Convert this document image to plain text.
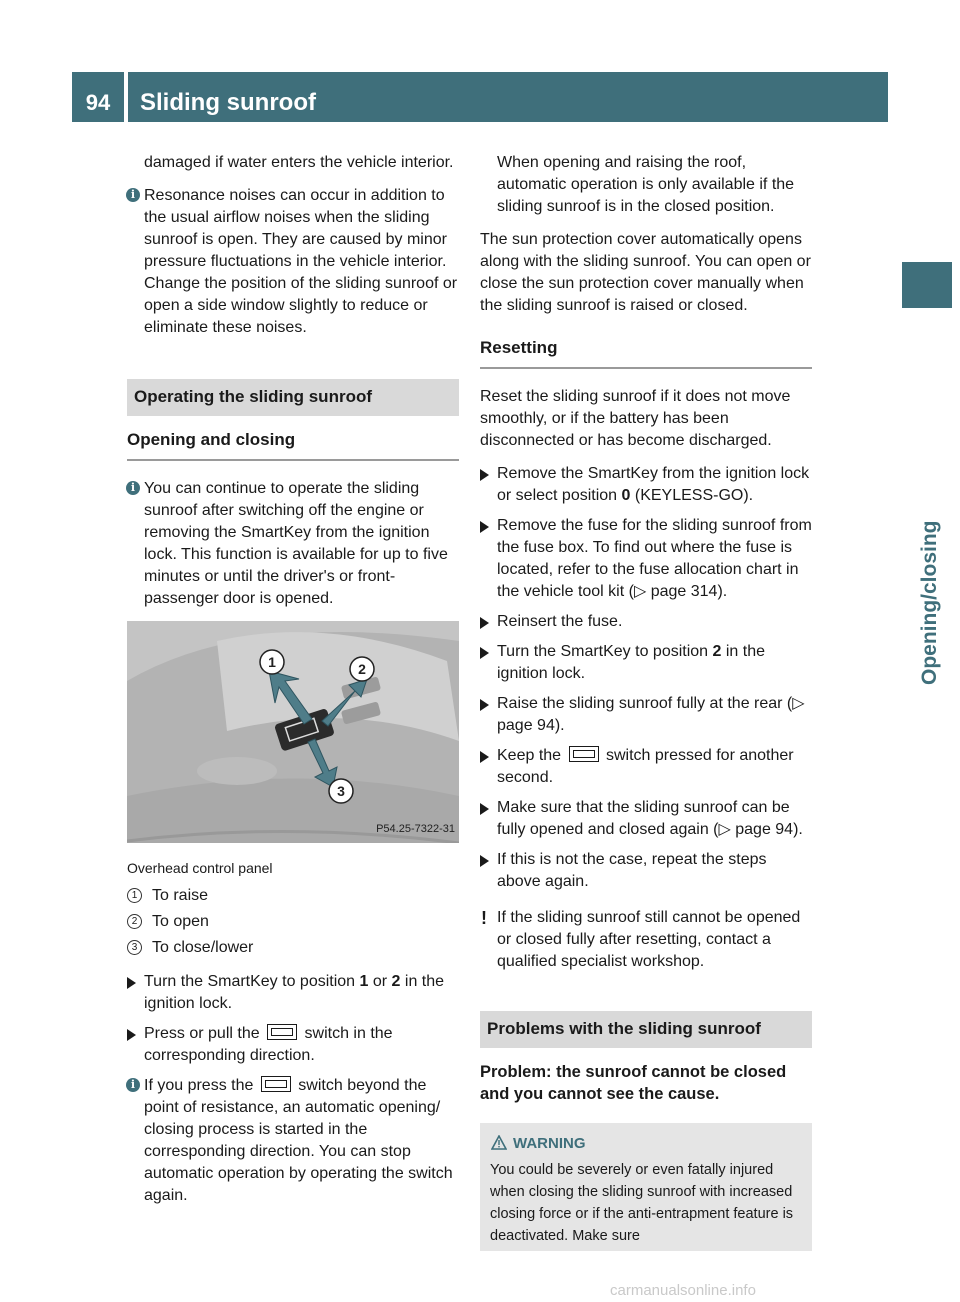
94	Sliding sunroof
Opening/closing

damaged if water enters the vehicle interior.

i Resonance noises can occur in addition to the usual airflow noises when the sliding sunroof is open. They are caused by minor pressure fluctuations in the vehicle interior. Change the position of the sliding sunroof or open a side window slightly to reduce or eliminate these noises.

Operating the sliding sunroof
Opening and closing

i You can continue to operate the sliding sunroof after switching off the engine or removing the SmartKey from the ignition lock. This function is available for up to five minutes or until the driver's or front-passenger door is opened.

1	2
3
P54.25-7322-31
Overhead control panel
1 To raise
2 To open
3 To close/lower
Turn the SmartKey to position 1 or 2 in the ignition lock.
Press or pull the	switch in the corresponding direction.

i If you press the	switch beyond the point of resistance, an automatic opening/ closing process is started in the corresponding direction. You can stop automatic operation by operating the switch again.

When opening and raising the roof, automatic operation is only available if the sliding sunroof is in the closed position.

The sun protection cover automatically opens along with the sliding sunroof. You can open or close the sun protection cover manually when the sliding sunroof is raised or closed.

Resetting

Reset the sliding sunroof if it does not move smoothly, or if the battery has been disconnected or has become discharged.

Remove the SmartKey from the ignition lock or select position 0 (KEYLESS-GO).
Remove the fuse for the sliding sunroof from the fuse box. To find out where the fuse is located, refer to the fuse allocation chart in the vehicle tool kit (▷ page 314).
Reinsert the fuse.
Turn the SmartKey to position 2 in the ignition lock.
Raise the sliding sunroof fully at the rear (▷ page 94).
Keep the	switch pressed for another second.
Make sure that the sliding sunroof can be fully opened and closed again (▷ page 94).
If this is not the case, repeat the steps above again.

! If the sliding sunroof still cannot be opened or closed fully after resetting, contact a qualified specialist workshop.

Problems with the sliding sunroof

Problem: the sunroof cannot be closed and you cannot see the cause.

WARNING
You could be severely or even fatally injured when closing the sliding sunroof with increased closing force or if the anti-entrapment feature is deactivated. Make sure
carmanualsonline.info
